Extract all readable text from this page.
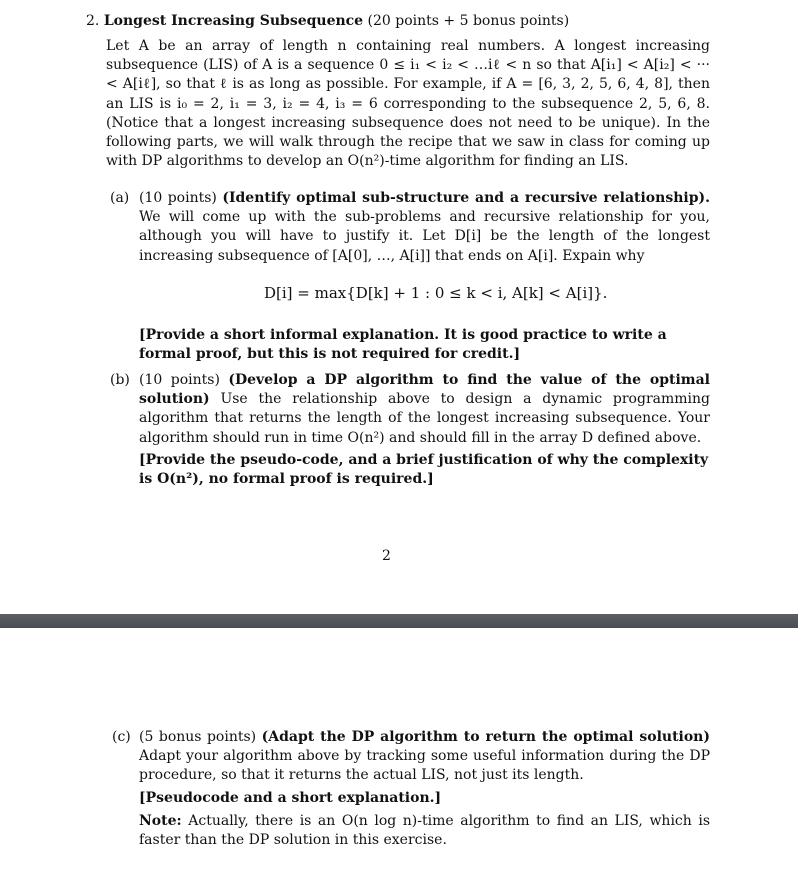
2. Longest Increasing Subsequence (20 points + 5 bonus points)
Let A be an array of length n containing real numbers. A longest increasing subsequence (LIS) of A is a sequence 0 ≤ i₁ < i₂ < …iℓ < n so that A[i₁] < A[i₂] < ··· < A[iℓ], so that ℓ is as long as possible. For example, if A = [6, 3, 2, 5, 6, 4, 8], then an LIS is i₀ = 2, i₁ = 3, i₂ = 4, i₃ = 6 corresponding to the subsequence 2, 5, 6, 8. (Notice that a longest increasing subsequence does not need to be unique). In the following parts, we will walk through the recipe that we saw in class for coming up with DP algorithms to develop an O(n²)-time algorithm for finding an LIS.
(a) (10 points) (Identify optimal sub-structure and a recursive relationship). We will come up with the sub-problems and recursive relationship for you, although you will have to justify it. Let D[i] be the length of the longest increasing subsequence of [A[0], …, A[i]] that ends on A[i]. Expain why
D[i] = max{D[k] + 1 : 0 ≤ k < i, A[k] < A[i]}.
[Provide a short informal explanation. It is good practice to write a formal proof, but this is not required for credit.]
(b) (10 points) (Develop a DP algorithm to find the value of the optimal solution) Use the relationship above to design a dynamic programming algorithm that returns the length of the longest increasing subsequence. Your algorithm should run in time O(n²) and should fill in the array D defined above.
[Provide the pseudo-code, and a brief justification of why the complexity is O(n²), no formal proof is required.]
2
(c) (5 bonus points) (Adapt the DP algorithm to return the optimal solution) Adapt your algorithm above by tracking some useful information during the DP procedure, so that it returns the actual LIS, not just its length.
[Pseudocode and a short explanation.]
Note: Actually, there is an O(n log n)-time algorithm to find an LIS, which is faster than the DP solution in this exercise.
